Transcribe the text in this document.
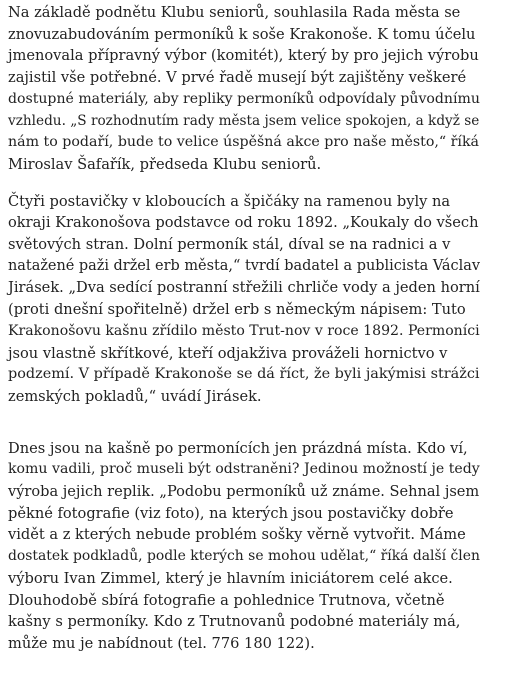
Na základě podnětu Klubu seniorů, souhlasila Rada města se
znovuzabudováním permoníků k soše Krakonoše. K tomu účelu
jmenovala přípravný výbor (komitét), který by pro jejich výrobu
zajistil vše potřebné. V prvé řadě musejí být zajištěny veškeré
dostupné materiály, aby repliky permoníků odpovídaly původnímu
vzhledu. „S rozhodnutím rady města jsem velice spokojen, a když se
nám to podaří, bude to velice úspěšná akce pro naše město,“ říká
Miroslav Šafařík, předseda Klubu seniorů.

Čtyři postavičky v kloboucích a špičáky na ramenou byly na
okraji Krakonošova podstavce od roku 1892. „Koukaly do všech
světových stran. Dolní permoník stál, díval se na radnici a v
natažené paži držel erb města,“ tvrdí badatel a publicista Václav
Jirásek. „Dva sedící postranní střežili chrliče vody a jeden horní
(proti dnešní spořitelně) držel erb s německým nápisem: Tuto
Krakonošovu kašnu zřídilo město Trut-nov v roce 1892. Permoníci
jsou vlastně skřítkové, kteří odjakživa prováželi hornictvo v
podzemí. V případě Krakonoše se dá říct, že byli jakýmisi strážci
zemských pokladů,“ uvádí Jirásek.

Dnes jsou na kašně po permonících jen prázdná místa. Kdo ví,
komu vadili, proč museli být odstraněni? Jedinou možností je tedy
výroba jejich replik. „Podobu permoníků už známe. Sehnal jsem
pěkné fotografie (viz foto), na kterých jsou postavičky dobře
vidět a z kterých nebude problém sošky věrně vytvořit. Máme
dostatek podkladů, podle kterých se mohou udělat,“ říká další člen
výboru Ivan Zimmel, který je hlavním iniciátorem celé akce.
Dlouhodobě sbírá fotografie a pohlednice Trutnova, včetně
kašny s permoníky. Kdo z Trutnovanů podobné materiály má,
může mu je nabídnout (tel. 776 180 122).
